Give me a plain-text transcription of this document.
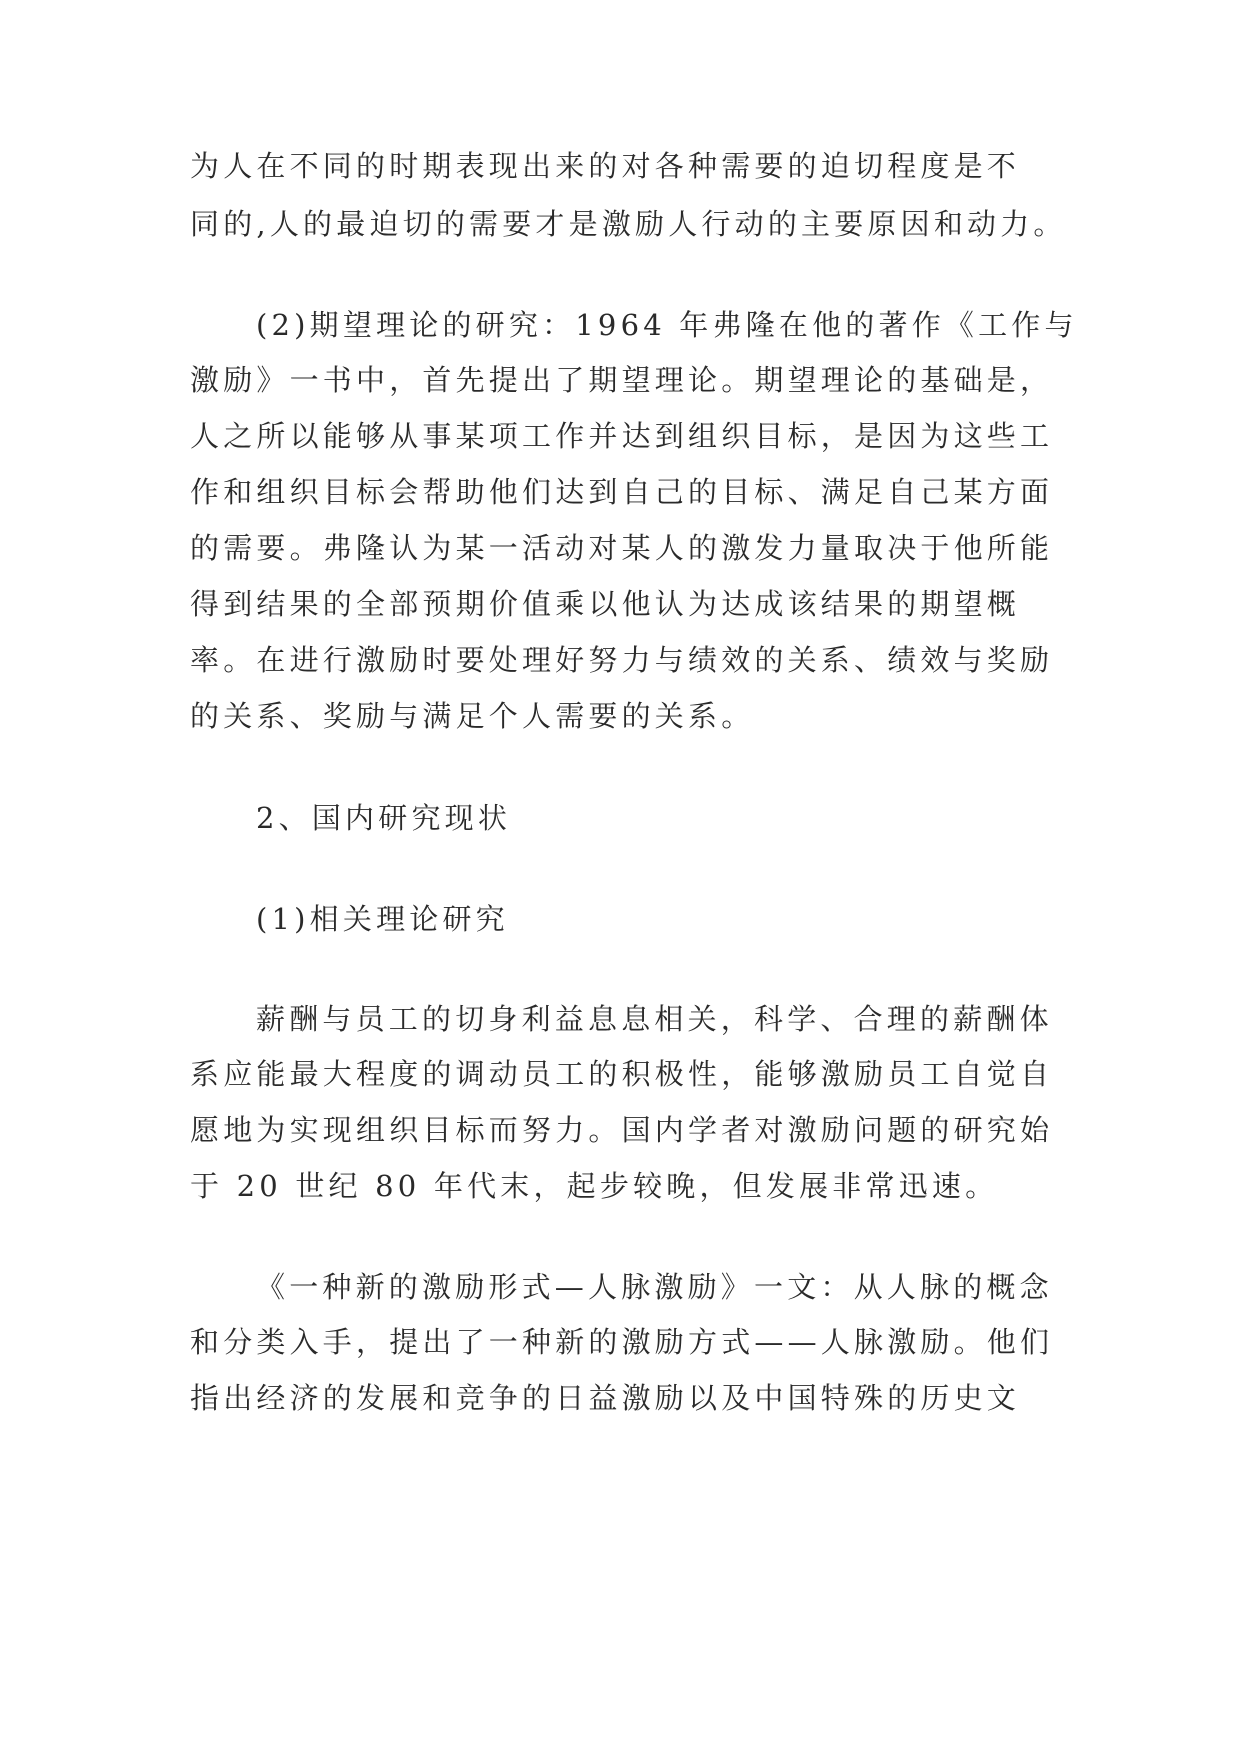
为人在不同的时期表现出来的对各种需要的迫切程度是不
同的,人的最迫切的需要才是激励人行动的主要原因和动力。
(2)期望理论的研究：1964 年弗隆在他的著作《工作与
激励》一书中，首先提出了期望理论。期望理论的基础是，
人之所以能够从事某项工作并达到组织目标，是因为这些工
作和组织目标会帮助他们达到自己的目标、满足自己某方面
的需要。弗隆认为某一活动对某人的激发力量取决于他所能
得到结果的全部预期价值乘以他认为达成该结果的期望概
率。在进行激励时要处理好努力与绩效的关系、绩效与奖励
的关系、奖励与满足个人需要的关系。
2、国内研究现状
(1)相关理论研究
薪酬与员工的切身利益息息相关，科学、合理的薪酬体
系应能最大程度的调动员工的积极性，能够激励员工自觉自
愿地为实现组织目标而努力。国内学者对激励问题的研究始
于 20 世纪 80 年代末，起步较晚，但发展非常迅速。
《一种新的激励形式—人脉激励》一文：从人脉的概念
和分类入手，提出了一种新的激励方式——人脉激励。他们
指出经济的发展和竞争的日益激励以及中国特殊的历史文
